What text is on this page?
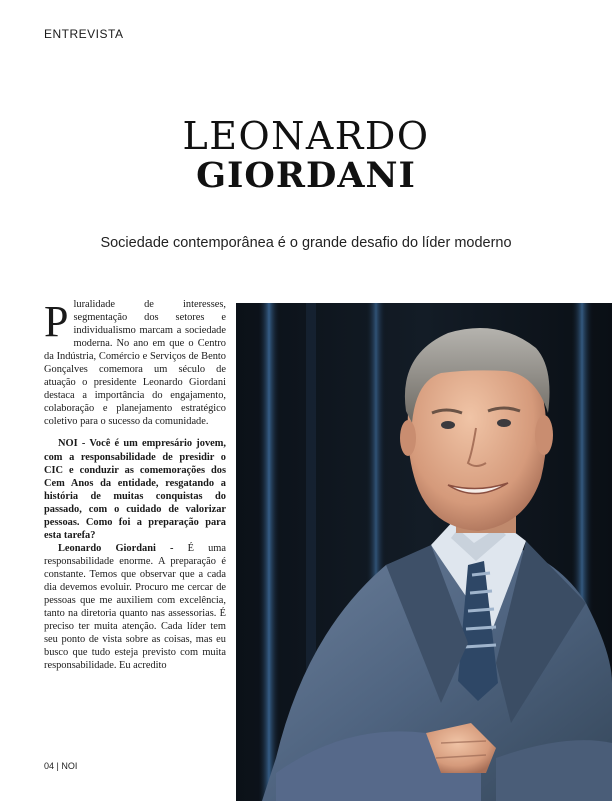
ENTREVISTA
LEONARDO
GIORDANI
Sociedade contemporânea é o grande desafio do líder moderno

Pluralidade de interesses, segmentação dos setores e individualismo marcam a sociedade moderna. No ano em que o Centro da Indústria, Comércio e Serviços de Bento Gonçalves comemora um século de atuação o presidente Leonardo Giordani destaca a importância do engajamento, colaboração e planejamento estratégico coletivo para o sucesso da comunidade.

NOI - Você é um empresário jovem, com a responsabilidade de presidir o CIC e conduzir as comemorações dos Cem Anos da entidade, resgatando a história de muitas conquistas do passado, com o cuidado de valorizar pessoas. Como foi a preparação para esta tarefa?

Leonardo Giordani - É uma responsabilidade enorme. A preparação é constante. Temos que observar que a cada dia devemos evoluir. Procuro me cercar de pessoas que me auxiliem com excelência, tanto na diretoria quanto nas assessorias. É preciso ter muita atenção. Cada líder tem seu ponto de vista sobre as coisas, mas eu busco que tudo esteja previsto com muita responsabilidade. Eu acredito

04 | NOI
